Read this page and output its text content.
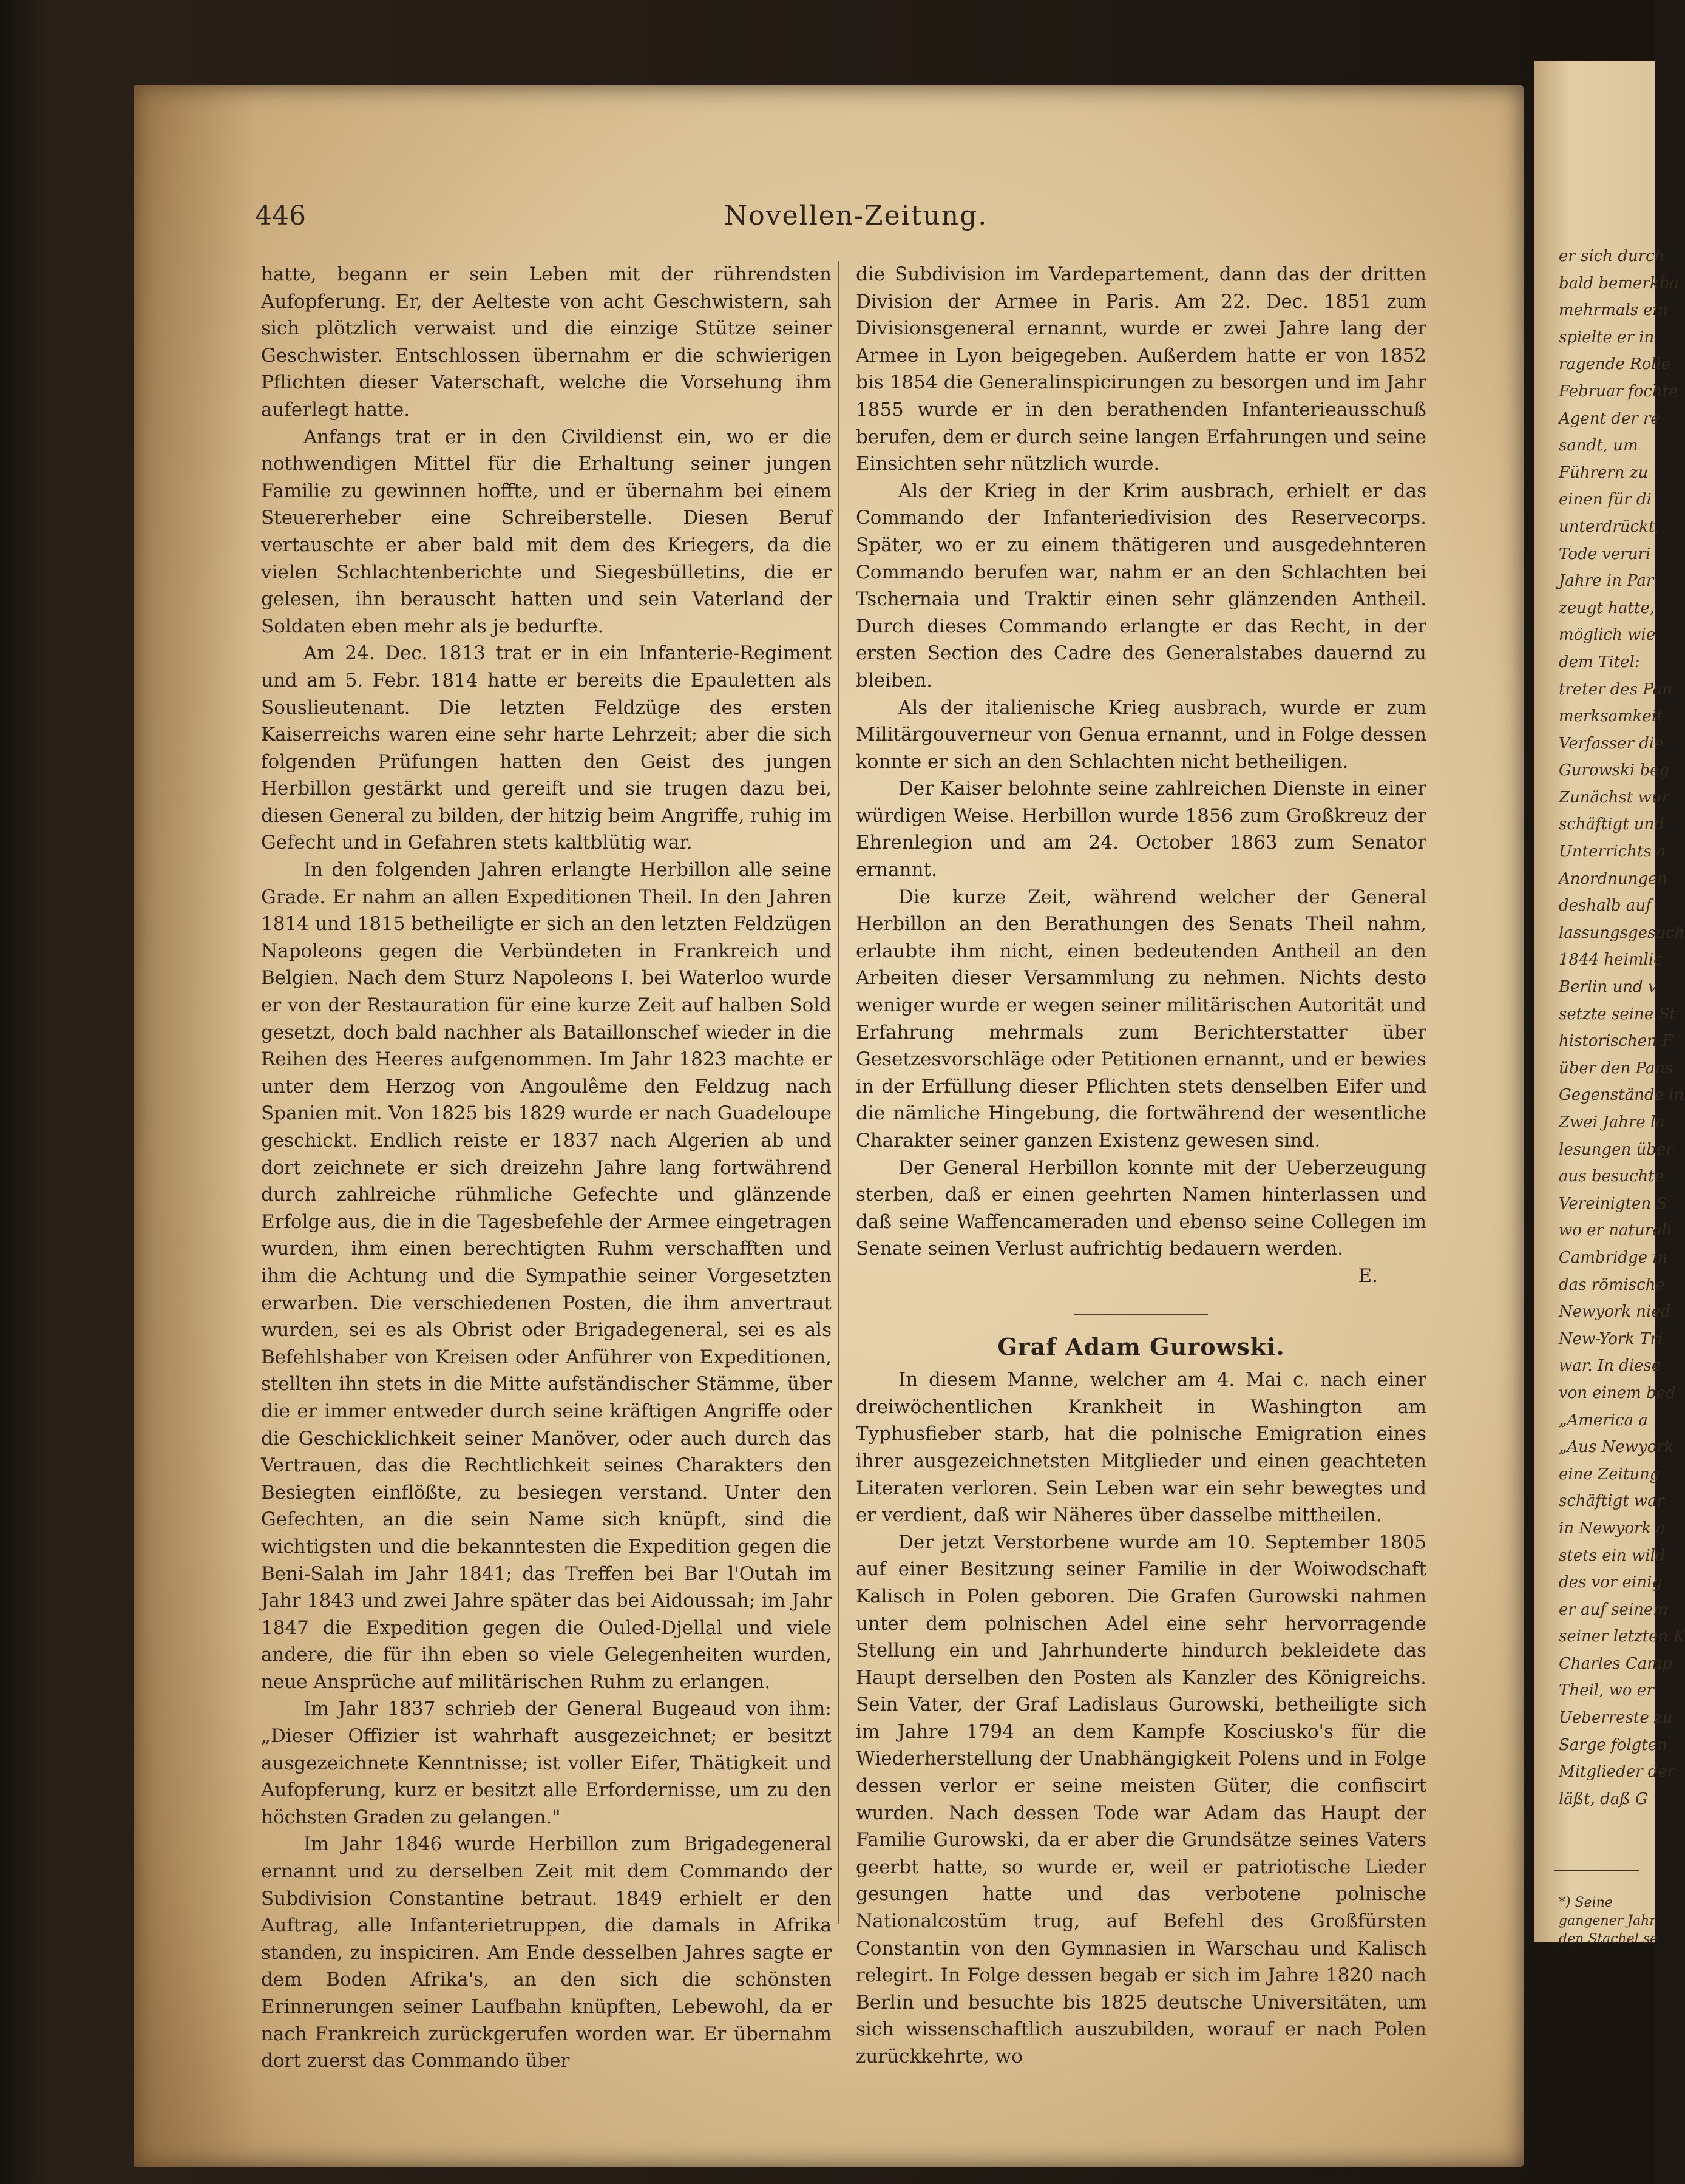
er sich durch
bald bemerkba
mehrmals ein
spielte er in
ragende Rolle
Februar fochte
Agent der re
sandt, um
Führern zu
einen für di
unterdrückt,
Tode veruri
Jahre in Par
zeugt hatte,
möglich wie
dem Titel:
treter des Pan
merksamkeit
Verfasser die
Gurowski beg
Zunächst wur
schäftigt und
Unterrichts a
Anordnungen
deshalb auf
lassungsgesuch
1844 heimlic
Berlin und v
setzte seine St
historischen F
über den Pans
Gegenstände in
Zwei Jahre la
lesungen über
aus besuchte
Vereinigten S
wo er naturali
Cambridge in
das römische
Newyork nied
New-York Tri
war. In diese
von einem bed
„America a
„Aus Newyork
eine Zeitung
schäftigt war
in Newyork a
stets ein wild
des vor einig
er auf seinem
seiner letzten K
Charles Camp
Theil, wo er
Ueberreste zu
Sarge folgten
Mitglieder der
läßt, daß G
*) Seine
gangener Jahr
den Stachel se
446	Novellen-Zeitung.

hatte, begann er sein Leben mit der rührendsten Aufopferung. Er, der Aelteste von acht Geschwistern, sah sich plötzlich verwaist und die einzige Stütze seiner Geschwister. Entschlossen übernahm er die schwierigen Pflichten dieser Vaterschaft, welche die Vorsehung ihm auferlegt hatte.

Anfangs trat er in den Civildienst ein, wo er die nothwendigen Mittel für die Erhaltung seiner jungen Familie zu gewinnen hoffte, und er übernahm bei einem Steuererheber eine Schreiberstelle. Diesen Beruf vertauschte er aber bald mit dem des Kriegers, da die vielen Schlachtenberichte und Siegesbülletins, die er gelesen, ihn berauscht hatten und sein Vaterland der Soldaten eben mehr als je bedurfte.

Am 24. Dec. 1813 trat er in ein Infanterie-Regiment und am 5. Febr. 1814 hatte er bereits die Epauletten als Souslieutenant. Die letzten Feldzüge des ersten Kaiserreichs waren eine sehr harte Lehrzeit; aber die sich folgenden Prüfungen hatten den Geist des jungen Herbillon gestärkt und gereift und sie trugen dazu bei, diesen General zu bilden, der hitzig beim Angriffe, ruhig im Gefecht und in Gefahren stets kaltblütig war.

In den folgenden Jahren erlangte Herbillon alle seine Grade. Er nahm an allen Expeditionen Theil. In den Jahren 1814 und 1815 betheiligte er sich an den letzten Feldzügen Napoleons gegen die Verbündeten in Frankreich und Belgien. Nach dem Sturz Napoleons I. bei Waterloo wurde er von der Restauration für eine kurze Zeit auf halben Sold gesetzt, doch bald nachher als Bataillonschef wieder in die Reihen des Heeres aufgenommen. Im Jahr 1823 machte er unter dem Herzog von Angoulême den Feldzug nach Spanien mit. Von 1825 bis 1829 wurde er nach Guadeloupe geschickt. Endlich reiste er 1837 nach Algerien ab und dort zeichnete er sich dreizehn Jahre lang fortwährend durch zahlreiche rühmliche Gefechte und glänzende Erfolge aus, die in die Tagesbefehle der Armee eingetragen wurden, ihm einen berechtigten Ruhm verschafften und ihm die Achtung und die Sympathie seiner Vorgesetzten erwarben. Die verschiedenen Posten, die ihm anvertraut wurden, sei es als Obrist oder Brigadegeneral, sei es als Befehlshaber von Kreisen oder Anführer von Expeditionen, stellten ihn stets in die Mitte aufständischer Stämme, über die er immer entweder durch seine kräftigen Angriffe oder die Geschicklichkeit seiner Manöver, oder auch durch das Vertrauen, das die Rechtlichkeit seines Charakters den Besiegten einflößte, zu besiegen verstand. Unter den Gefechten, an die sein Name sich knüpft, sind die wichtigsten und die bekanntesten die Expedition gegen die Beni-Salah im Jahr 1841; das Treffen bei Bar l'Outah im Jahr 1843 und zwei Jahre später das bei Aidoussah; im Jahr 1847 die Expedition gegen die Ouled-Djellal und viele andere, die für ihn eben so viele Gelegenheiten wurden, neue Ansprüche auf militärischen Ruhm zu erlangen.

Im Jahr 1837 schrieb der General Bugeaud von ihm: „Dieser Offizier ist wahrhaft ausgezeichnet; er besitzt ausgezeichnete Kenntnisse; ist voller Eifer, Thätigkeit und Aufopferung, kurz er besitzt alle Erfordernisse, um zu den höchsten Graden zu gelangen."

Im Jahr 1846 wurde Herbillon zum Brigadegeneral ernannt und zu derselben Zeit mit dem Commando der Subdivision Constantine betraut. 1849 erhielt er den Auftrag, alle Infanterietruppen, die damals in Afrika standen, zu inspiciren. Am Ende desselben Jahres sagte er dem Boden Afrika's, an den sich die schönsten Erinnerungen seiner Laufbahn knüpften, Lebewohl, da er nach Frankreich zurückgerufen worden war. Er übernahm dort zuerst das Commando über

die Subdivision im Vardepartement, dann das der dritten Division der Armee in Paris. Am 22. Dec. 1851 zum Divisionsgeneral ernannt, wurde er zwei Jahre lang der Armee in Lyon beigegeben. Außerdem hatte er von 1852 bis 1854 die Generalinspicirungen zu besorgen und im Jahr 1855 wurde er in den berathenden Infanterieausschuß berufen, dem er durch seine langen Erfahrungen und seine Einsichten sehr nützlich wurde.

Als der Krieg in der Krim ausbrach, erhielt er das Commando der Infanteriedivision des Reservecorps. Später, wo er zu einem thätigeren und ausgedehnteren Commando berufen war, nahm er an den Schlachten bei Tschernaia und Traktir einen sehr glänzenden Antheil. Durch dieses Commando erlangte er das Recht, in der ersten Section des Cadre des Generalstabes dauernd zu bleiben.

Als der italienische Krieg ausbrach, wurde er zum Militärgouverneur von Genua ernannt, und in Folge dessen konnte er sich an den Schlachten nicht betheiligen.

Der Kaiser belohnte seine zahlreichen Dienste in einer würdigen Weise. Herbillon wurde 1856 zum Großkreuz der Ehrenlegion und am 24. October 1863 zum Senator ernannt.

Die kurze Zeit, während welcher der General Herbillon an den Berathungen des Senats Theil nahm, erlaubte ihm nicht, einen bedeutenden Antheil an den Arbeiten dieser Versammlung zu nehmen. Nichts desto weniger wurde er wegen seiner militärischen Autorität und Erfahrung mehrmals zum Berichterstatter über Gesetzesvorschläge oder Petitionen ernannt, und er bewies in der Erfüllung dieser Pflichten stets denselben Eifer und die nämliche Hingebung, die fortwährend der wesentliche Charakter seiner ganzen Existenz gewesen sind.

Der General Herbillon konnte mit der Ueberzeugung sterben, daß er einen geehrten Namen hinterlassen und daß seine Waffencameraden und ebenso seine Collegen im Senate seinen Verlust aufrichtig bedauern werden.

E.
Graf Adam Gurowski.

In diesem Manne, welcher am 4. Mai c. nach einer dreiwöchentlichen Krankheit in Washington am Typhusfieber starb, hat die polnische Emigration eines ihrer ausgezeichnetsten Mitglieder und einen geachteten Literaten verloren. Sein Leben war ein sehr bewegtes und er verdient, daß wir Näheres über dasselbe mittheilen.

Der jetzt Verstorbene wurde am 10. September 1805 auf einer Besitzung seiner Familie in der Woiwodschaft Kalisch in Polen geboren. Die Grafen Gurowski nahmen unter dem polnischen Adel eine sehr hervorragende Stellung ein und Jahrhunderte hindurch bekleidete das Haupt derselben den Posten als Kanzler des Königreichs. Sein Vater, der Graf Ladislaus Gurowski, betheiligte sich im Jahre 1794 an dem Kampfe Kosciusko's für die Wiederherstellung der Unabhängigkeit Polens und in Folge dessen verlor er seine meisten Güter, die confiscirt wurden. Nach dessen Tode war Adam das Haupt der Familie Gurowski, da er aber die Grundsätze seines Vaters geerbt hatte, so wurde er, weil er patriotische Lieder gesungen hatte und das verbotene polnische Nationalcostüm trug, auf Befehl des Großfürsten Constantin von den Gymnasien in Warschau und Kalisch relegirt. In Folge dessen begab er sich im Jahre 1820 nach Berlin und besuchte bis 1825 deutsche Universitäten, um sich wissenschaftlich auszubilden, worauf er nach Polen zurückkehrte, wo
